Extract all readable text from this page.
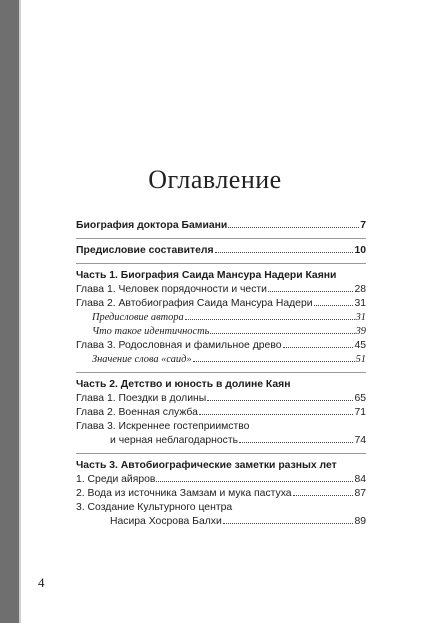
Оглавление
Биография доктора Бамиани	7
Предисловие составителя	10
Часть 1. Биография Саида Мансура Надери Каяни
Глава 1. Человек порядочности и чести	28
Глава 2. Автобиография Саида Мансура Надери	31
Предисловие автора	31
Что такое идентичность	39
Глава 3. Родословная и фамильное древо	45
Значение слова «саид»	51
Часть 2. Детство и юность в долине Каян
Глава 1. Поездки в долины	65
Глава 2. Военная служба	71
Глава 3. Искреннее гостеприимство
и черная неблагодарность	74
Часть 3. Автобиографические заметки разных лет
1. Среди айяров	84
2. Вода из источника Замзам и мука пастуха	87
3. Создание Культурного центра
Насира Хосрова Балхи	89
4
